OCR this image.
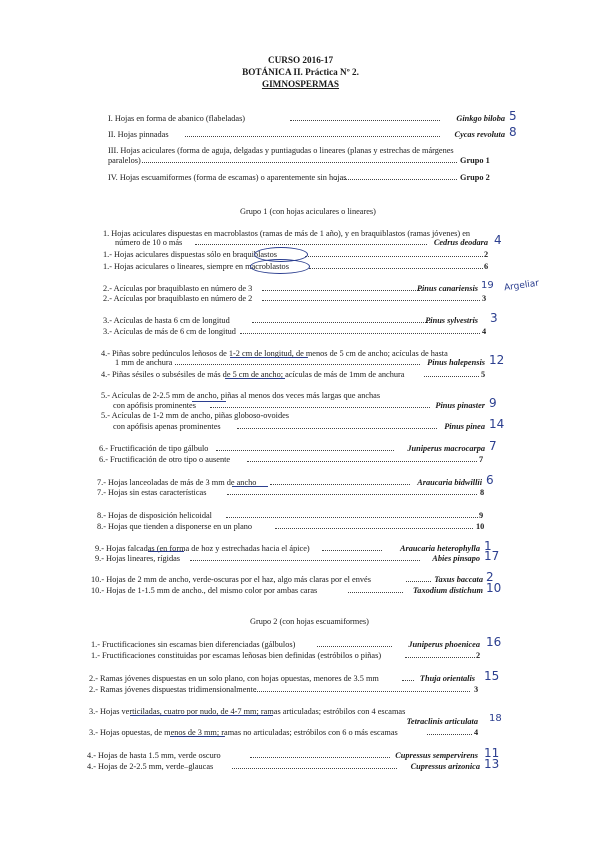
CURSO 2016-17
BOTÁNICA II. Práctica Nº 2.
GIMNOSPERMAS
I. Hojas en forma de abanico (flabeladas)	Ginkgo biloba 5
II. Hojas pinnadas	Cycas revoluta 8
III. Hojas aciculares (forma de aguja, delgadas y puntiagudas o lineares (planas y estrechas de márgenes
paralelos)	Grupo 1
IV. Hojas escuamiformes (forma de escamas) o aparentemente sin hojas	Grupo 2
Grupo 1 (con hojas aciculares o lineares)
1. Hojas aciculares dispuestas en macroblastos (ramas de más de 1 año), y en braquiblastos (ramas jóvenes) en
número de 10 o más	Cedrus deodara 4
1.- Hojas aciculares dispuestas sólo en braquiblastos	2
1.- Hojas aciculares o lineares, siempre en macroblastos	6
2.- Acículas por braquiblasto en número de 3	Pinus canariensis 19
2.- Acículas por braquiblasto en número de 2	3
3.- Acículas de hasta 6 cm de longitud	Pinus sylvestris 3
3.- Acículas de más de 6 cm de longitud	4
4.- Piñas sobre pedúnculos leñosos de 1-2 cm de longitud, de menos de 5 cm de ancho; acículas de hasta
1 mm de anchura	Pinus halepensis 12
4.- Piñas sésiles o subsésiles de más de 5 cm de ancho; acículas de más de 1mm de anchura	5
5.- Acículas de 2-2.5 mm de ancho, piñas al menos dos veces más largas que anchas
con apófisis prominentes	Pinus pinaster 9
5.- Acículas de 1-2 mm de ancho, piñas globoso-ovoides
con apófisis apenas prominentes	Pinus pinea 14
6.- Fructificación de tipo gálbulo	Juniperus macrocarpa 7
6.- Fructificación de otro tipo o ausente	7
7.- Hojas lanceoladas de más de 3 mm de ancho	Araucaria bidwillii 6
7.- Hojas sin estas características	8
8.- Hojas de disposición helicoidal	9
8.- Hojas que tienden a disponerse en un plano	10
9.- Hojas falcadas (en forma de hoz y estrechadas hacia el ápice)	Araucaria heterophylla 1
9.- Hojas lineares, rígidas	Abies pinsapo 17
10.- Hojas de 2 mm de ancho, verde-oscuras por el haz, algo más claras por el envés	Taxus baccata 2
10.- Hojas de 1-1.5 mm de ancho., del mismo color por ambas caras	Taxodium distichum 10
Grupo 2 (con hojas escuamiformes)
1.- Fructificaciones sin escamas bien diferenciadas (gálbulos)	Juniperus phoenicea 16
1.- Fructificaciones constituidas por escamas leñosas bien definidas (estróbilos o piñas)	2
2.- Ramas jóvenes dispuestas en un solo plano, con hojas opuestas, menores de 3.5 mm	Thuja orientalis 15
2.- Ramas jóvenes dispuestas tridimensionalmente	3
3.- Hojas verticiladas, cuatro por nudo, de 4-7 mm; ramas articuladas; estróbilos con 4 escamas
Tetraclinis articulata 18
3.- Hojas opuestas, de menos de 3 mm; ramas no articuladas; estróbilos con 6 o más escamas	4
4.- Hojas de hasta 1.5 mm, verde oscuro	Cupressus sempervirens 11
4.- Hojas de 2-2.5 mm, verde–glaucas	Cupressus arizonica 13
Argeliar
